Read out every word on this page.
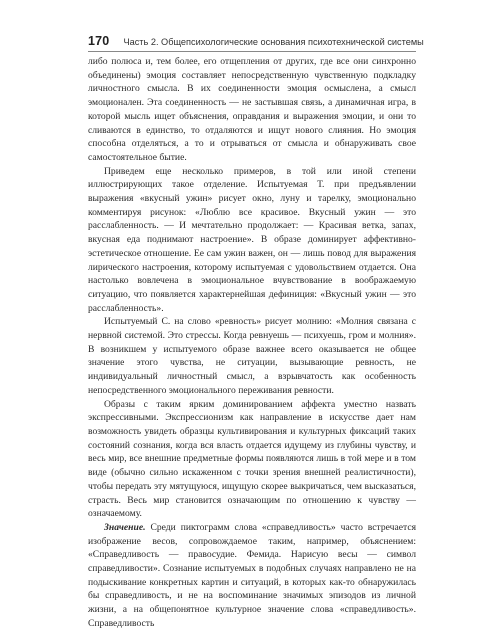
170 Часть 2. Общепсихологические основания психотехнической системы

либо полюса и, тем более, его отщепления от других, где все они синхронно объединены) эмоция составляет непосредственную чувственную подкладку личностного смысла. В их соединенности эмоция осмыслена, а смысл эмоционален. Эта соединенность — не застывшая связь, а динамичная игра, в которой мысль ищет объяснения, оправдания и выражения эмоции, и они то сливаются в единство, то отдаляются и ищут нового слияния. Но эмоция способна отделяться, а то и отрываться от смысла и обнаруживать свое самостоятельное бытие.

Приведем еще несколько примеров, в той или иной степени иллюстрирующих такое отделение. Испытуемая Т. при предъявлении выражения «вкусный ужин» рисует окно, луну и тарелку, эмоционально комментируя рисунок: «Люблю все красивое. Вкусный ужин — это расслабленность. — И мечтательно продолжает: — Красивая ветка, запах, вкусная еда поднимают настроение». В образе доминирует аффективно-эстетическое отношение. Ее сам ужин важен, он — лишь повод для выражения лирического настроения, которому испытуемая с удовольствием отдается. Она настолько вовлечена в эмоциональное вчувствование в воображаемую ситуацию, что появляется характернейшая дефиниция: «Вкусный ужин — это расслабленность».

Испытуемый С. на слово «ревность» рисует молнию: «Молния связана с нервной системой. Это стрессы. Когда ревнуешь — психуешь, гром и молния». В возникшем у испытуемого образе важнее всего оказывается не общее значение этого чувства, не ситуации, вызывающие ревность, не индивидуальный личностный смысл, а взрывчатость как особенность непосредственного эмоционального переживания ревности.

Образы с таким ярким доминированием аффекта уместно назвать экспрессивными. Экспрессионизм как направление в искусстве дает нам возможность увидеть образцы культивирования и культурных фиксаций таких состояний сознания, когда вся власть отдается идущему из глубины чувству, и весь мир, все внешние предметные формы появляются лишь в той мере и в том виде (обычно сильно искаженном с точки зрения внешней реалистичности), чтобы передать эту мятущуюся, ищущую скорее выкричаться, чем высказаться, страсть. Весь мир становится означающим по отношению к чувству — означаемому.

Значение. Среди пиктограмм слова «справедливость» часто встречается изображение весов, сопровождаемое таким, например, объяснением: «Справедливость — правосудие. Фемида. Нарисую весы — символ справедливости». Сознание испытуемых в подобных случаях направлено не на подыскивание конкретных картин и ситуаций, в которых как-то обнаружилась бы справедливость, и не на воспоминание значимых эпизодов из личной жизни, а на общепонятное культурное значение слова «справедливость». Справедливость
